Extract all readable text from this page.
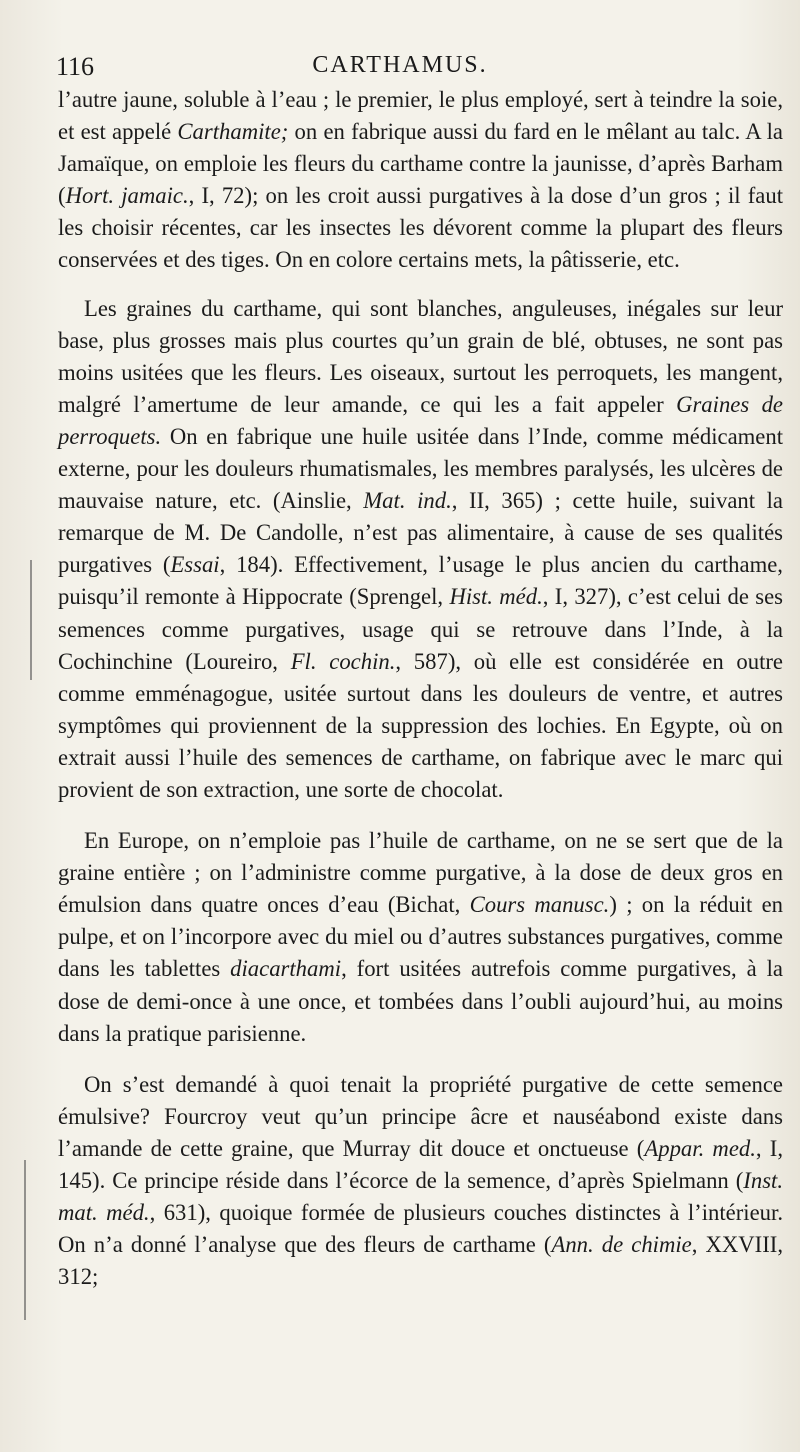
116	CARTHAMUS.

l’autre jaune, soluble à l’eau ; le premier, le plus employé, sert à teindre la soie, et est appelé Carthamite; on en fabrique aussi du fard en le mêlant au talc. A la Jamaïque, on emploie les fleurs du carthame contre la jaunisse, d’après Barham (Hort. jamaic., I, 72); on les croit aussi purgatives à la dose d’un gros ; il faut les choisir récentes, car les insectes les dévorent comme la plupart des fleurs conservées et des tiges. On en colore certains mets, la pâtisserie, etc.

Les graines du carthame, qui sont blanches, anguleuses, inégales sur leur base, plus grosses mais plus courtes qu’un grain de blé, obtuses, ne sont pas moins usitées que les fleurs. Les oiseaux, surtout les perroquets, les mangent, malgré l’amertume de leur amande, ce qui les a fait appeler Graines de perroquets. On en fabrique une huile usitée dans l’Inde, comme médicament externe, pour les douleurs rhumatismales, les membres paralysés, les ulcères de mauvaise nature, etc. (Ainslie, Mat. ind., II, 365) ; cette huile, suivant la remarque de M. De Candolle, n’est pas alimentaire, à cause de ses qualités purgatives (Essai, 184). Effectivement, l’usage le plus ancien du carthame, puisqu’il remonte à Hippocrate (Sprengel, Hist. méd., I, 327), c’est celui de ses semences comme purgatives, usage qui se retrouve dans l’Inde, à la Cochinchine (Loureiro, Fl. cochin., 587), où elle est considérée en outre comme emménagogue, usitée surtout dans les douleurs de ventre, et autres symptômes qui proviennent de la suppression des lochies. En Egypte, où on extrait aussi l’huile des semences de carthame, on fabrique avec le marc qui provient de son extraction, une sorte de chocolat.

En Europe, on n’emploie pas l’huile de carthame, on ne se sert que de la graine entière ; on l’administre comme purgative, à la dose de deux gros en émulsion dans quatre onces d’eau (Bichat, Cours manusc.) ; on la réduit en pulpe, et on l’incorpore avec du miel ou d’autres substances purgatives, comme dans les tablettes diacarthami, fort usitées autrefois comme purgatives, à la dose de demi-once à une once, et tombées dans l’oubli aujourd’hui, au moins dans la pratique parisienne.

On s’est demandé à quoi tenait la propriété purgative de cette semence émulsive? Fourcroy veut qu’un principe âcre et nauséabond existe dans l’amande de cette graine, que Murray dit douce et onctueuse (Appar. med., I, 145). Ce principe réside dans l’écorce de la semence, d’après Spielmann (Inst. mat. méd., 631), quoique formée de plusieurs couches distinctes à l’intérieur. On n’a donné l’analyse que des fleurs de carthame (Ann. de chimie, XXVIII, 312;
